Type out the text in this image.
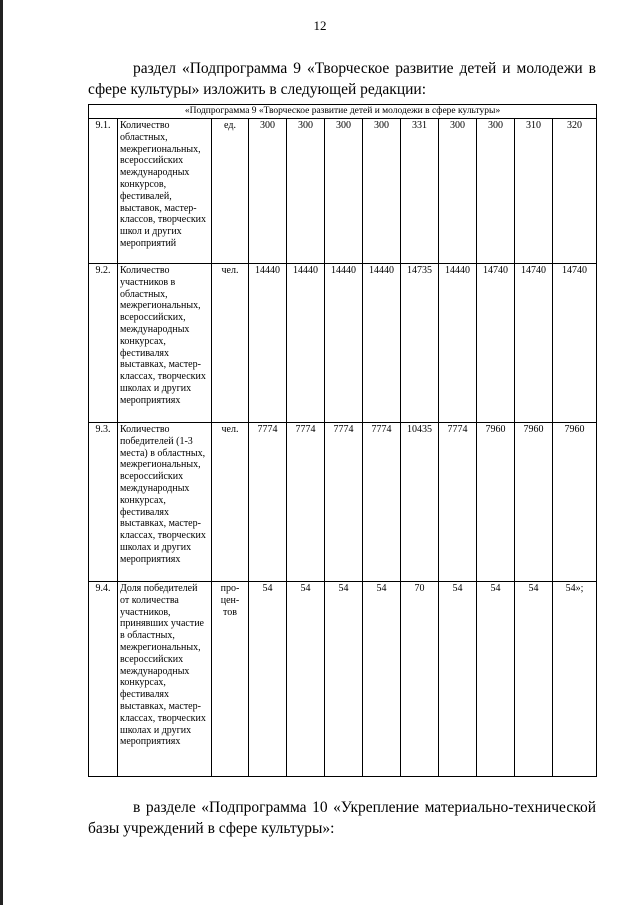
12

раздел «Подпрограмма 9 «Творческое развитие детей и молодежи в сфере культуры» изложить в следующей редакции:

«Подпрограмма 9 «Творческое развитие детей и молодежи в сфере культуры»											
9.1.	Количество областных, межрегиональных, всероссийских международных конкурсов, фестивалей, выставок, мастер-классов, творческих школ и других мероприятий	ед.	300	300	300	300	331	300	300	310	320
9.2.	Количество участников в областных, межрегиональных, всероссийских, международных конкурсах, фестивалях выставках, мастер-классах, творческих школах и других мероприятиях	чел.	14440	14440	14440	14440	14735	14440	14740	14740	14740
9.3.	Количество победителей (1-3 места) в областных, межрегиональных, всероссийских международных конкурсах, фестивалях выставках, мастер-классах, творческих школах и других мероприятиях	чел.	7774	7774	7774	7774	10435	7774	7960	7960	7960
9.4.	Доля победителей от количества участников, принявших участие в областных, межрегиональных, всероссийских международных конкурсах, фестивалях выставках, мастер-классах, творческих школах и других мероприятиях	про-цен-тов	54	54	54	54	70	54	54	54	54»;

в разделе «Подпрограмма 10 «Укрепление материально-технической базы учреждений в сфере культуры»:
